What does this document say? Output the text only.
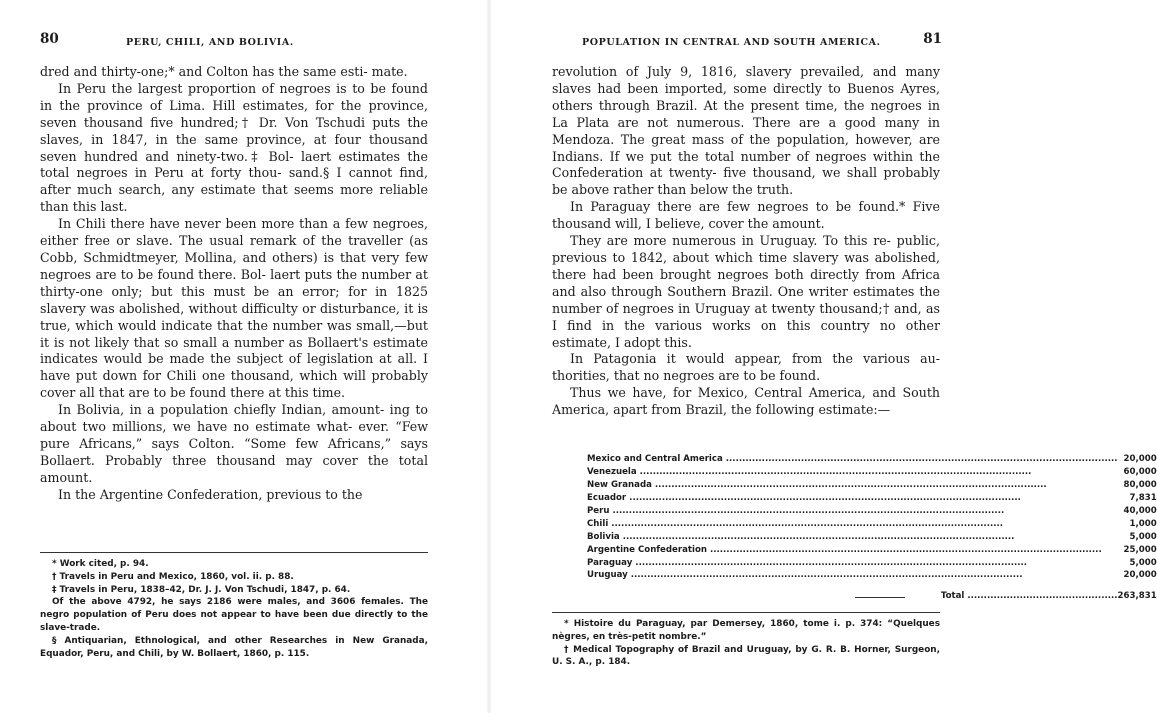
80	PERU, CHILI, AND BOLIVIA.

dred and thirty-one;* and Colton has the same esti- mate.

In Peru the largest proportion of negroes is to be found in the province of Lima. Hill estimates, for the province, seven thousand five hundred;† Dr. Von Tschudi puts the slaves, in 1847, in the same province, at four thousand seven hundred and ninety-two.‡ Bol- laert estimates the total negroes in Peru at forty thou- sand.§ I cannot find, after much search, any estimate that seems more reliable than this last.

In Chili there have never been more than a few negroes, either free or slave. The usual remark of the traveller (as Cobb, Schmidtmeyer, Mollina, and others) is that very few negroes are to be found there. Bol- laert puts the number at thirty-one only; but this must be an error; for in 1825 slavery was abolished, without difficulty or disturbance, it is true, which would indicate that the number was small,—but it is not likely that so small a number as Bollaert's estimate indicates would be made the subject of legislation at all. I have put down for Chili one thousand, which will probably cover all that are to be found there at this time.

In Bolivia, in a population chiefly Indian, amount- ing to about two millions, we have no estimate what- ever. “Few pure Africans,” says Colton. “Some few Africans,” says Bollaert. Probably three thousand may cover the total amount.

In the Argentine Confederation, previous to the

* Work cited, p. 94.

† Travels in Peru and Mexico, 1860, vol. ii. p. 88.

‡ Travels in Peru, 1838–42, Dr. J. J. Von Tschudi, 1847, p. 64.

Of the above 4792, he says 2186 were males, and 3606 females. The negro population of Peru does not appear to have been due directly to the slave-trade.

§ Antiquarian, Ethnological, and other Researches in New Granada, Equador, Peru, and Chili, by W. Bollaert, 1860, p. 115.

POPULATION IN CENTRAL AND SOUTH AMERICA.	81

revolution of July 9, 1816, slavery prevailed, and many slaves had been imported, some directly to Buenos Ayres, others through Brazil. At the present time, the negroes in La Plata are not numerous. There are a good many in Mendoza. The great mass of the population, however, are Indians. If we put the total number of negroes within the Confederation at twenty- five thousand, we shall probably be above rather than below the truth.

In Paraguay there are few negroes to be found.* Five thousand will, I believe, cover the amount.

They are more numerous in Uruguay. To this re- public, previous to 1842, about which time slavery was abolished, there had been brought negroes both directly from Africa and also through Southern Brazil. One writer estimates the number of negroes in Uruguay at twenty thousand;† and, as I find in the various works on this country no other estimate, I adopt this.

In Patagonia it would appear, from the various au- thorities, that no negroes are to be found.

Thus we have, for Mexico, Central America, and South America, apart from Brazil, the following estimate:—

Mexico and Central America .....	20,000
Venezuela .....	60,000
New Granada .....	80,000
Ecuador .....	7,831
Peru .....	40,000
Chili .....	1,000
Bolivia .....	5,000
Argentine Confederation .....	25,000
Paraguay .....	5,000
Uruguay .....	20,000
Total ..............................................	263,831

* Histoire du Paraguay, par Demersey, 1860, tome i. p. 374: “Quelques nègres, en très-petit nombre.”

† Medical Topography of Brazil and Uruguay, by G. R. B. Horner, Surgeon, U. S. A., p. 184.
